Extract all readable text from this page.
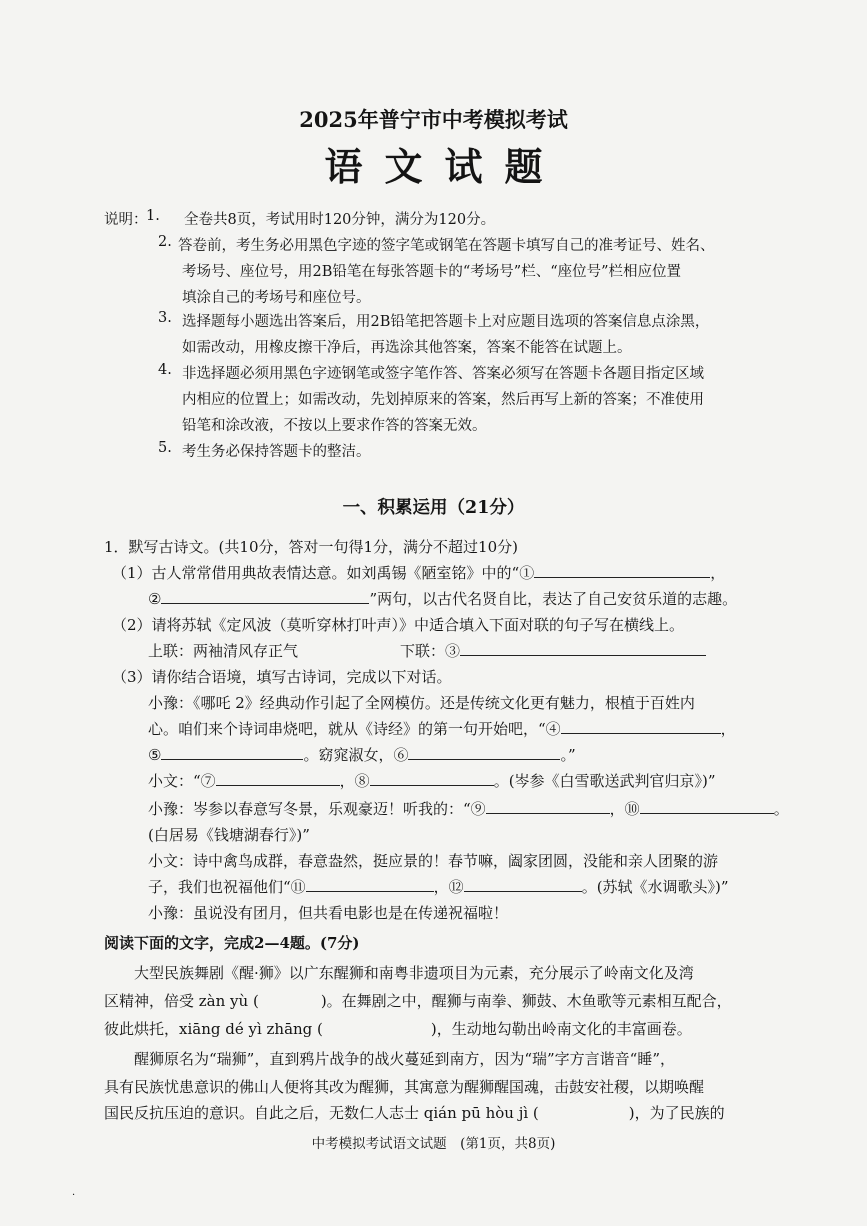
2025年普宁市中考模拟考试
语文试题
说明：
1. 全卷共8页，考试用时120分钟，满分为120分。
2. 答卷前，考生务必用黑色字迹的签字笔或钢笔在答题卡填写自己的准考证号、姓名、
考场号、座位号，用2B铅笔在每张答题卡的“考场号”栏、“座位号”栏相应位置
填涂自己的考场号和座位号。
3. 选择题每小题选出答案后，用2B铅笔把答题卡上对应题目选项的答案信息点涂黑，
如需改动，用橡皮擦干净后，再选涂其他答案，答案不能答在试题上。
4. 非选择题必须用黑色字迹钢笔或签字笔作答、答案必须写在答题卡各题目指定区域
内相应的位置上；如需改动，先划掉原来的答案，然后再写上新的答案；不准使用
铅笔和涂改液，不按以上要求作答的答案无效。
5. 考生务必保持答题卡的整洁。
一、积累运用（21分）
1．默写古诗文。(共10分，答对一句得1分，满分不超过10分)
（1）古人常常借用典故表情达意。如刘禹锡《陋室铭》中的“①	，
②	”两句，以古代名贤自比，表达了自己安贫乐道的志趣。
（2）请将苏轼《定风波（莫听穿林打叶声）》中适合填入下面对联的句子写在横线上。
上联：两袖清风存正气	下联：③
（3）请你结合语境，填写古诗词，完成以下对话。
小豫：《哪吒 2》经典动作引起了全网模仿。还是传统文化更有魅力，根植于百姓内
心。咱们来个诗词串烧吧，就从《诗经》的第一句开始吧，“④	，
⑤	。窈窕淑女，⑥	。”
小文：“⑦	，⑧	。(岑参《白雪歌送武判官归京》)”
小豫：岑参以春意写冬景，乐观豪迈！听我的：“⑨	，⑩	。
(白居易《钱塘湖春行》)”
小文：诗中禽鸟成群，春意盎然，挺应景的！春节嘛，阖家团圆，没能和亲人团聚的游
子，我们也祝福他们“⑪	，⑫	。(苏轼《水调歌头》)”
小豫：虽说没有团月，但共看电影也是在传递祝福啦！
阅读下面的文字，完成2—4题。(7分)
大型民族舞剧《醒·狮》以广东醒狮和南粤非遗项目为元素，充分展示了岭南文化及湾
区精神，倍受 zàn yù (	)。在舞剧之中，醒狮与南拳、狮鼓、木鱼歌等元素相互配合，
彼此烘托，xiāng dé yì zhāng (	)，生动地勾勒出岭南文化的丰富画卷。
醒狮原名为“瑞狮”，直到鸦片战争的战火蔓延到南方，因为“瑞”字方言谐音“睡”，
具有民族忧患意识的佛山人便将其改为醒狮，其寓意为醒狮醒国魂，击鼓安社稷，以期唤醒
国民反抗压迫的意识。自此之后，无数仁人志士 qián pū hòu jì (	)，为了民族的
中考模拟考试语文试题　(第1页，共8页)
·
